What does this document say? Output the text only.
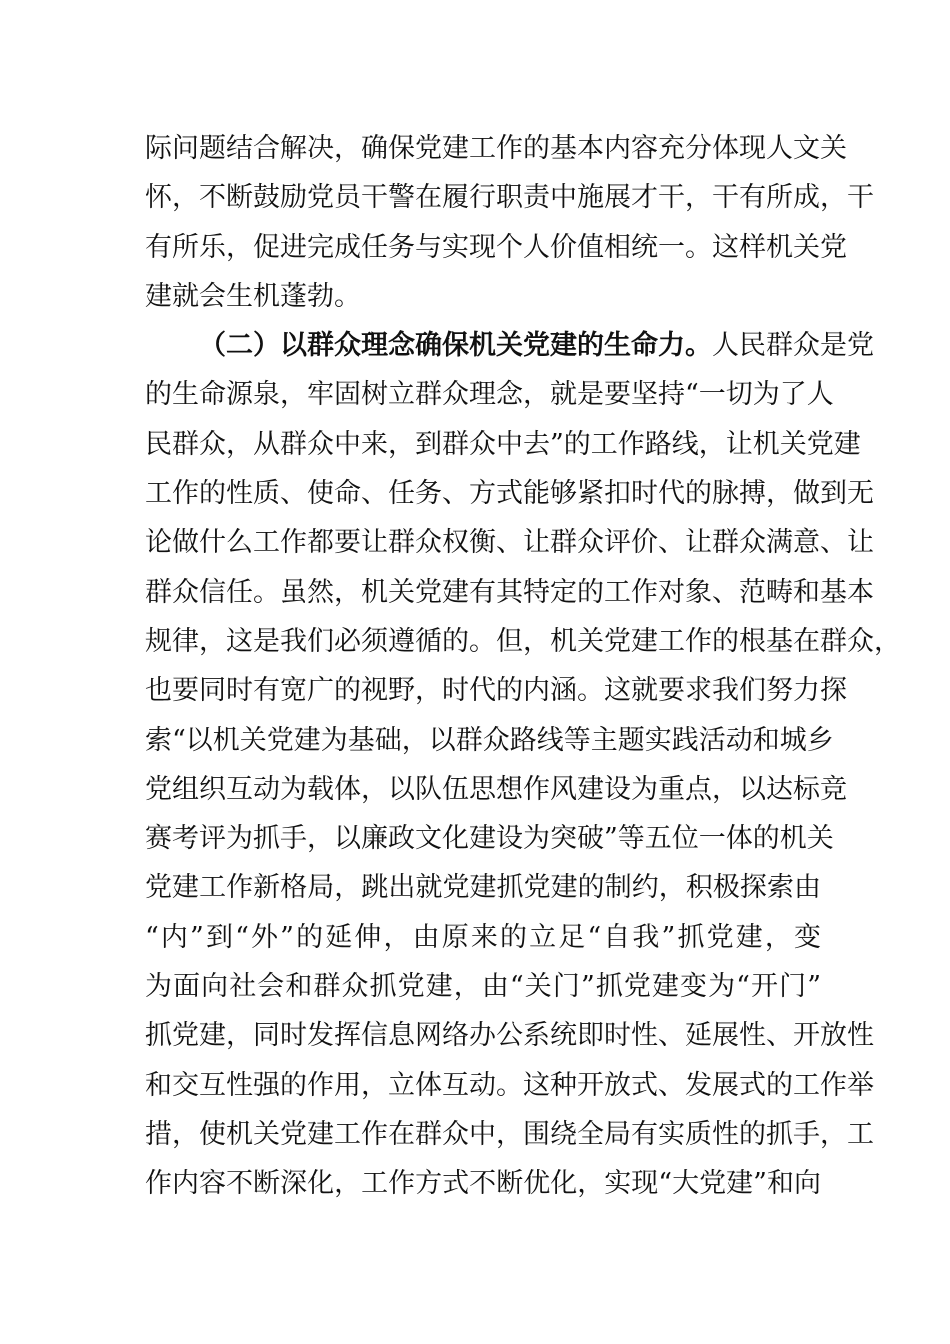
际问题结合解决，确保党建工作的基本内容充分体现人文关
怀，不断鼓励党员干警在履行职责中施展才干，干有所成，干
有所乐，促进完成任务与实现个人价值相统一。这样机关党
建就会生机蓬勃。
（二）以群众理念确保机关党建的生命力。人民群众是党
的生命源泉，牢固树立群众理念，就是要坚持“一切为了人
民群众，从群众中来，到群众中去”的工作路线，让机关党建
工作的性质、使命、任务、方式能够紧扣时代的脉搏，做到无
论做什么工作都要让群众权衡、让群众评价、让群众满意、让
群众信任。虽然，机关党建有其特定的工作对象、范畴和基本
规律，这是我们必须遵循的。但，机关党建工作的根基在群众，
也要同时有宽广的视野，时代的内涵。这就要求我们努力探
索“以机关党建为基础，以群众路线等主题实践活动和城乡
党组织互动为载体，以队伍思想作风建设为重点，以达标竞
赛考评为抓手，以廉政文化建设为突破”等五位一体的机关
党建工作新格局，跳出就党建抓党建的制约，积极探索由
“内”到“外”的延伸，由原来的立足“自我”抓党建，变
为面向社会和群众抓党建，由“关门”抓党建变为“开门”
抓党建，同时发挥信息网络办公系统即时性、延展性、开放性
和交互性强的作用，立体互动。这种开放式、发展式的工作举
措，使机关党建工作在群众中，围绕全局有实质性的抓手，工
作内容不断深化，工作方式不断优化，实现“大党建”和向
